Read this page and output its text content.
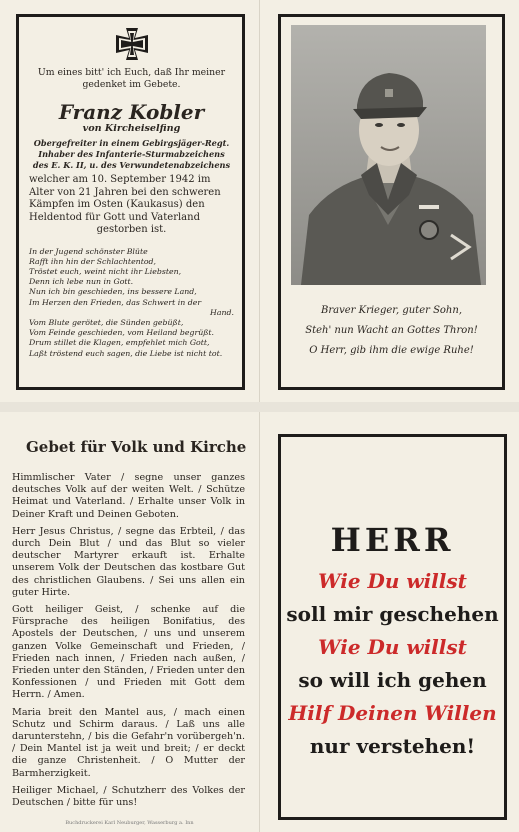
Um eines bitt' ich Euch, daß Ihr meiner
gedenket im Gebete.
Franz Kobler
von Kircheiselfing
Obergefreiter in einem Gebirgsjäger-Regt.
Inhaber des Infanterie-Sturmabzeichens
des E. K. II, u. des Verwundetenabzeichens
welcher am 10. September 1942 im
Alter von 21 Jahren bei den schweren
Kämpfen im Osten (Kaukasus) den
Heldentod für Gott und Vaterland
gestorben ist.
In der Jugend schönster Blüte
Rafft ihn hin der Schlachtentod,
Tröstet euch, weint nicht ihr Liebsten,
Denn ich lebe nun in Gott.
Nun ich bin geschieden, ins bessere Land,
Im Herzen den Frieden, das Schwert in der
Hand.
Vom Blute gerötet, die Sünden gebüßt,
Vom Feinde geschieden, vom Heiland begrüßt.
Drum stillet die Klagen, empfehlet mich Gott,
Laßt tröstend euch sagen, die Liebe ist nicht tot.
Braver Krieger, guter Sohn,
Steh' nun Wacht an Gottes Thron!
O Herr, gib ihm die ewige Ruhe!
Gebet für Volk und Kirche

Himmlischer Vater / segne unser ganzes deutsches Volk auf der weiten Welt. / Schütze Heimat und Vaterland. / Erhalte unser Volk in Deiner Kraft und Deinen Geboten.

Herr Jesus Christus, / segne das Erbteil, / das durch Dein Blut / und das Blut so vieler deutscher Martyrer erkauft ist. Erhalte unserem Volk der Deutschen das kostbare Gut des christlichen Glaubens. / Sei uns allen ein guter Hirte.

Gott heiliger Geist, / schenke auf die Fürsprache des heiligen Bonifatius, des Apostels der Deutschen, / uns und unserem ganzen Volke Gemeinschaft und Frieden, / Frieden nach innen, / Frieden nach außen, / Frieden unter den Ständen, / Frieden unter den Konfessionen / und Frieden mit Gott dem Herrn. / Amen.

Maria breit den Mantel aus, / mach einen Schutz und Schirm daraus. / Laß uns alle darunterstehn, / bis die Gefahr'n vorübergeh'n. / Dein Mantel ist ja weit und breit; / er deckt die ganze Christenheit. / O Mutter der Barmherzigkeit.

Heiliger Michael, / Schutzherr des Volkes der Deutschen / bitte für uns!

Buchdruckerei Karl Neuburger, Wasserburg a. Inn
HERR
Wie Du willst
soll mir geschehen
Wie Du willst
so will ich gehen
Hilf Deinen Willen
nur verstehen!
